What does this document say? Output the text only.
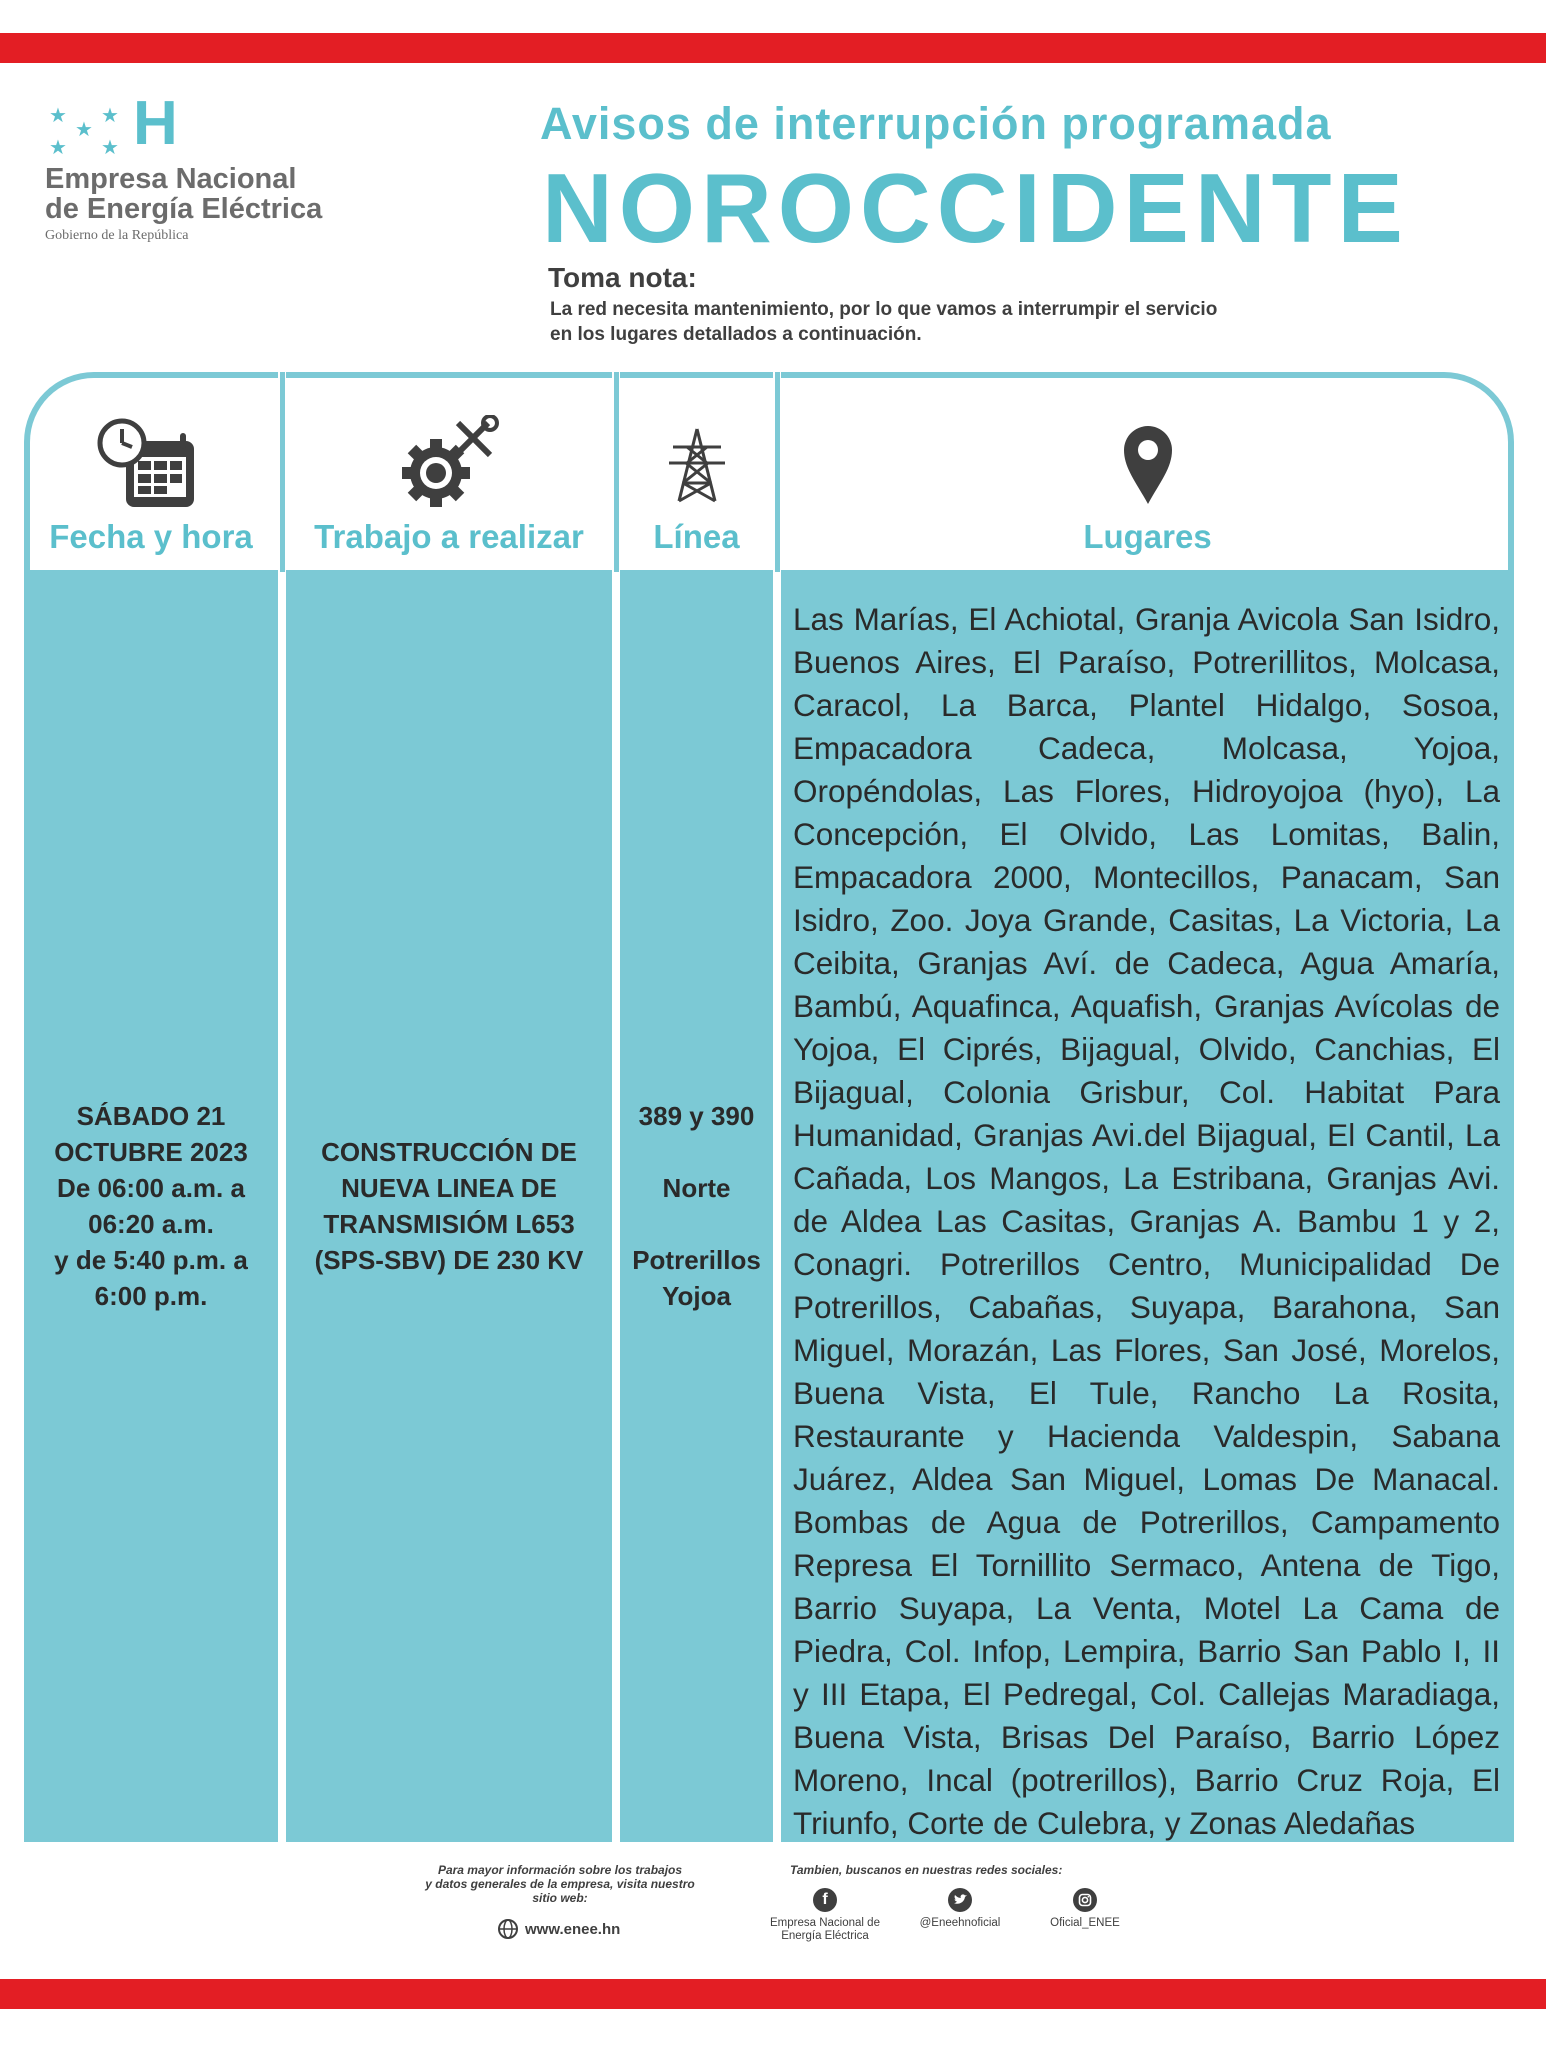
★ ★
★
★ ★ H
Empresa Nacional
de Energía Eléctrica
Gobierno de la República
Avisos de interrupción programada
NOROCCIDENTE
Toma nota:
La red necesita mantenimiento, por lo que vamos a interrumpir el servicio
en los lugares detallados a continuación.
Fecha y hora
SÁBADO 21
OCTUBRE 2023
De 06:00 a.m. a
06:20 a.m.
y de 5:40 p.m. a
6:00 p.m.
Trabajo a realizar
CONSTRUCCIÓN DE
NUEVA LINEA DE
TRANSMISIÓM L653
(SPS-SBV) DE 230 KV
Línea
389 y 390
Norte
Potrerillos
Yojoa
Lugares
Las Marías, El Achiotal, Granja Avicola San Isidro, Buenos Aires, El Paraíso, Potrerillitos, Molcasa, Caracol, La Barca, Plantel Hidalgo, Sosoa, Empacadora Cadeca, Molcasa, Yojoa, Oropéndolas, Las Flores, Hidroyojoa (hyo), La Concepción, El Olvido, Las Lomitas, Balin, Empacadora 2000, Montecillos, Panacam, San Isidro, Zoo. Joya Grande, Casitas, La Victoria, La Ceibita, Granjas Aví. de Cadeca, Agua Amaría, Bambú, Aquafinca, Aquafish, Granjas Avícolas de Yojoa, El Ciprés, Bijagual, Olvido, Canchias, El Bijagual, Colonia Grisbur, Col. Habitat Para Humanidad, Granjas Avi.del Bijagual, El Cantil, La Cañada, Los Mangos, La Estribana, Granjas Avi. de Aldea Las Casitas, Granjas A. Bambu 1 y 2, Conagri. Potrerillos Centro, Municipalidad De Potrerillos, Cabañas, Suyapa, Barahona, San Miguel, Morazán, Las Flores, San José, Morelos, Buena Vista, El Tule, Rancho La Rosita, Restaurante y Hacienda Valdespin, Sabana Juárez, Aldea San Miguel, Lomas De Manacal. Bombas de Agua de Potrerillos, Campamento Represa El Tornillito Sermaco, Antena de Tigo, Barrio Suyapa, La Venta, Motel La Cama de Piedra, Col. Infop, Lempira, Barrio San Pablo I, II y III Etapa, El Pedregal, Col. Callejas Maradiaga, Buena Vista, Brisas Del Paraíso, Barrio López Moreno, Incal (potrerillos), Barrio Cruz Roja, El Triunfo, Corte de Culebra, y Zonas Aledañas
Para mayor información sobre los trabajos
y datos generales de la empresa, visita nuestro
sitio web:
www.enee.hn
Tambien, buscanos en nuestras redes sociales:
f
Empresa Nacional de
Energía Eléctrica
@Eneehnoficial	Oficial_ENEE
